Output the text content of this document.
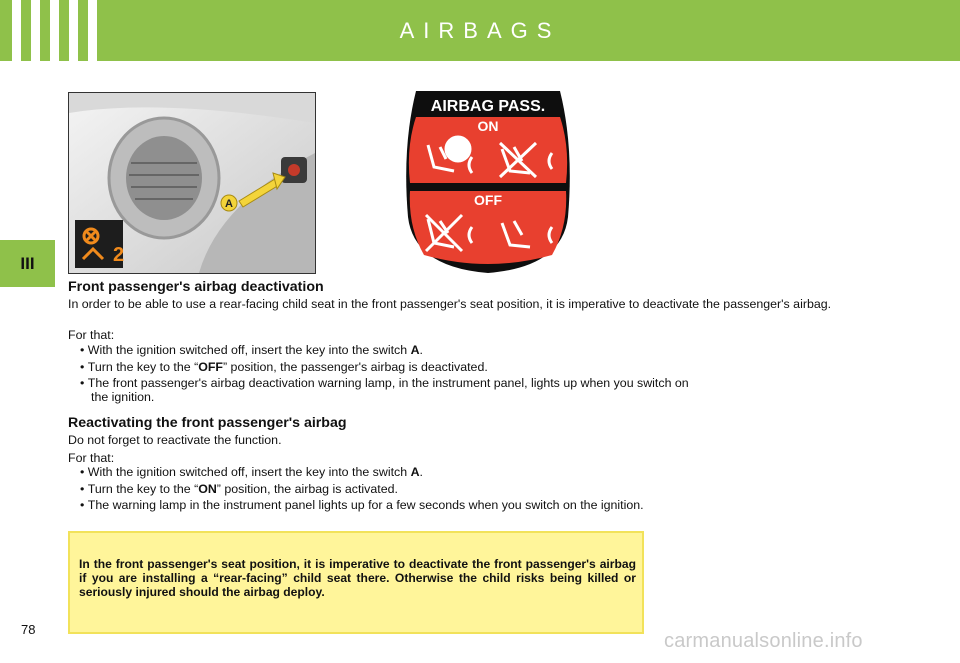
AIRBAGS
III
A
2
AIRBAG PASS.
ON
OFF
Front passenger's airbag deactivation

In order to be able to use a rear-facing child seat in the front passenger's seat position, it is imperative to deactivate the passenger's airbag.

For that:

• With the ignition switched off, insert the key into the switch A.

• Turn the key to the “OFF” position, the passenger's airbag is deactivated.

• The front passenger's airbag deactivation warning lamp, in the instrument panel, lights up when you switch on
the ignition.

Reactivating the front passenger's airbag

Do not forget to reactivate the function.

For that:

• With the ignition switched off, insert the key into the switch A.

• Turn the key to the “ON” position, the airbag is activated.

• The warning lamp in the instrument panel lights up for a few seconds when you switch on the ignition.

In the front passenger's seat position, it is imperative to deactivate the front passenger's airbag if you are installing a “rear-facing” child seat there. Otherwise the child risks being killed or seriously injured should the airbag deploy.
78
carmanualsonline.info
